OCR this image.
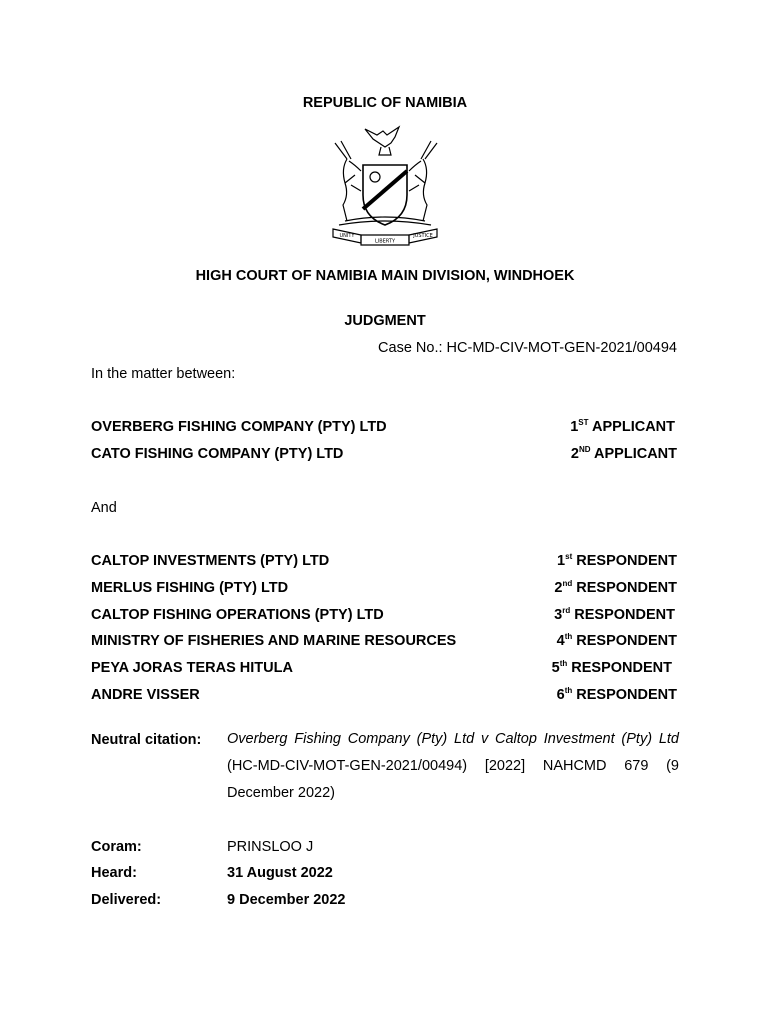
REPUBLIC OF NAMIBIA
UNITY
LIBERTY
JUSTICE
HIGH COURT OF NAMIBIA MAIN DIVISION, WINDHOEK
JUDGMENT
Case No.: HC-MD-CIV-MOT-GEN-2021/00494
In the matter between:
OVERBERG FISHING COMPANY (PTY) LTD	1ST APPLICANT
CATO FISHING COMPANY (PTY) LTD	2ND APPLICANT
And
CALTOP INVESTMENTS (PTY) LTD	1st RESPONDENT
MERLUS FISHING (PTY) LTD	2nd RESPONDENT
CALTOP FISHING OPERATIONS (PTY) LTD	3rd RESPONDENT
MINISTRY OF FISHERIES AND MARINE RESOURCES	4th RESPONDENT
PEYA JORAS TERAS HITULA	5th RESPONDENT
ANDRE VISSER	6th RESPONDENT
Neutral citation: Overberg Fishing Company (Pty) Ltd v Caltop Investment (Pty) Ltd (HC-MD-CIV-MOT-GEN-2021/00494) [2022] NAHCMD 679 (9 December 2022)
Coram:	PRINSLOO J
Heard:	31 August 2022
Delivered:	9 December 2022
